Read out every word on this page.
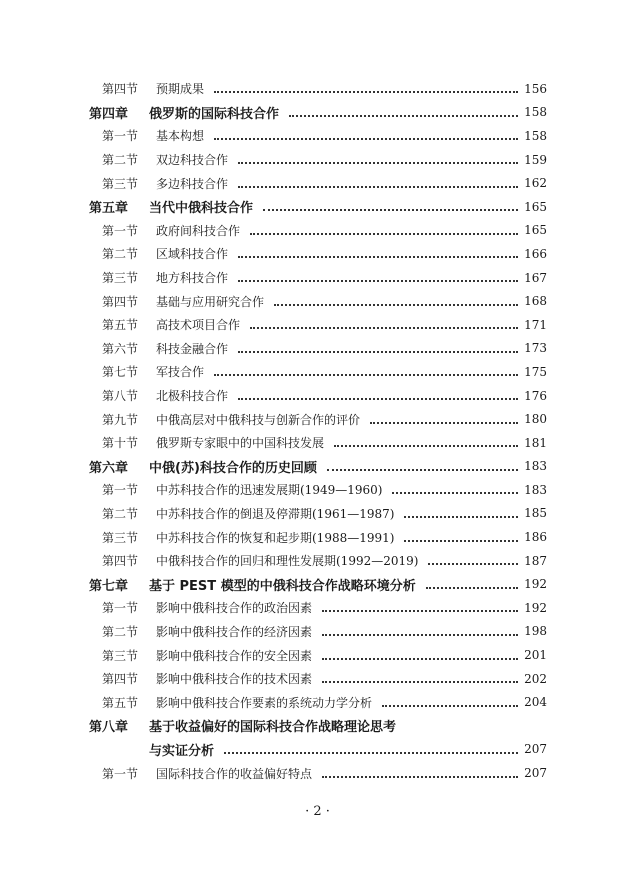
第四节	预期成果	156
第四章	俄罗斯的国际科技合作	158
第一节	基本构想	158
第二节	双边科技合作	159
第三节	多边科技合作	162
第五章	当代中俄科技合作	165
第一节	政府间科技合作	165
第二节	区域科技合作	166
第三节	地方科技合作	167
第四节	基础与应用研究合作	168
第五节	高技术项目合作	171
第六节	科技金融合作	173
第七节	军技合作	175
第八节	北极科技合作	176
第九节	中俄高层对中俄科技与创新合作的评价	180
第十节	俄罗斯专家眼中的中国科技发展	181
第六章	中俄(苏)科技合作的历史回顾	183
第一节	中苏科技合作的迅速发展期(1949—1960)	183
第二节	中苏科技合作的倒退及停滞期(1961—1987)	185
第三节	中苏科技合作的恢复和起步期(1988—1991)	186
第四节	中俄科技合作的回归和理性发展期(1992—2019)	187
第七章	基于 PEST 模型的中俄科技合作战略环境分析	192
第一节	影响中俄科技合作的政治因素	192
第二节	影响中俄科技合作的经济因素	198
第三节	影响中俄科技合作的安全因素	201
第四节	影响中俄科技合作的技术因素	202
第五节	影响中俄科技合作要素的系统动力学分析	204
第八章	基于收益偏好的国际科技合作战略理论思考
与实证分析	207
第一节	国际科技合作的收益偏好特点	207
· 2 ·
